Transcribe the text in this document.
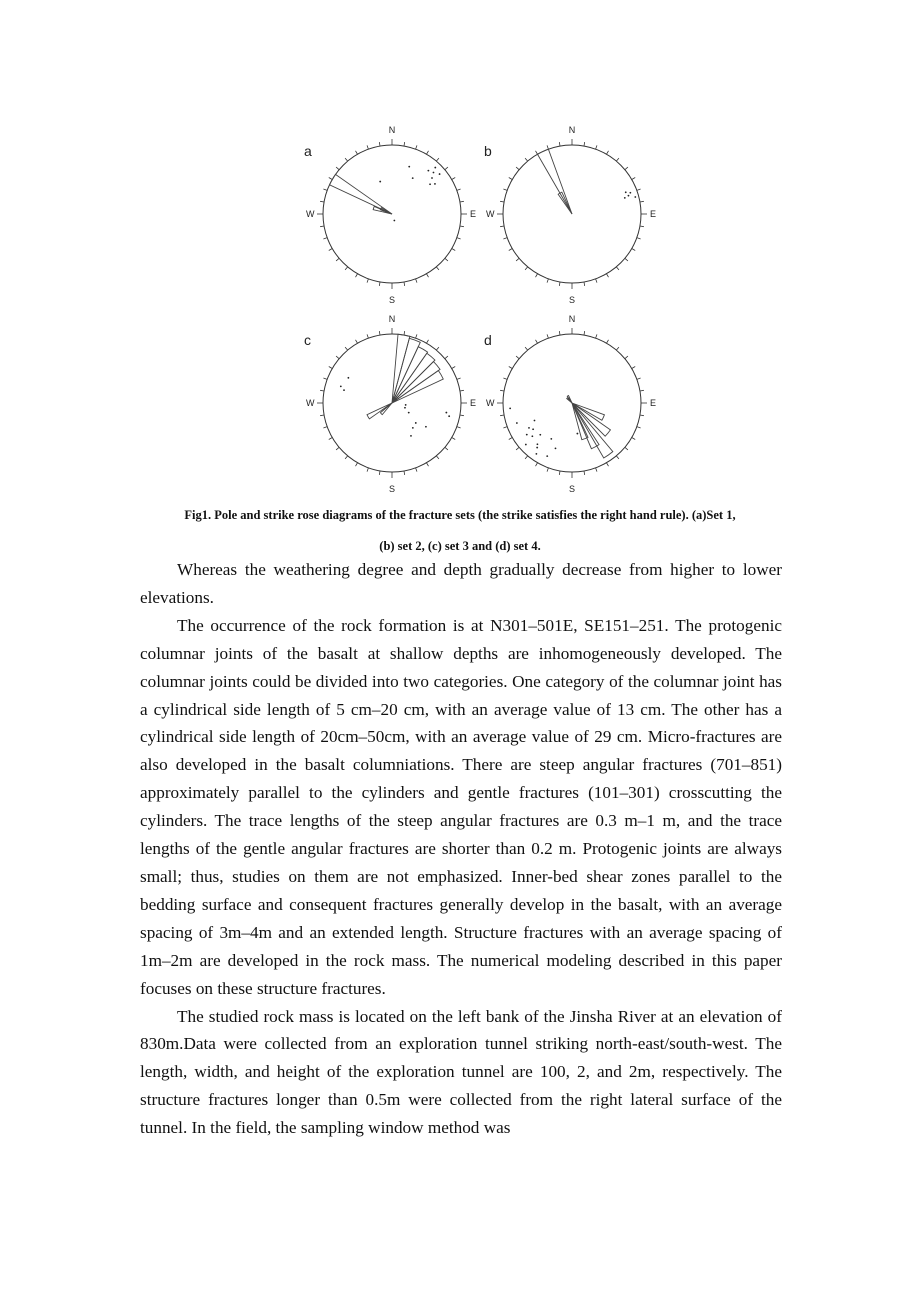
a
N
S
E
W
b
N
S
E
W
c
N
S
E
W
d
N
S
E
W
Fig1. Pole and strike rose diagrams of the fracture sets (the strike satisfies the right hand rule). (a)Set 1,
(b) set 2, (c) set 3 and (d) set 4.

Whereas the weathering degree and depth gradually decrease from higher to lower elevations.

The occurrence of the rock formation is at N301–501E, SE151–251. The protogenic columnar joints of the basalt at shallow depths are inhomogeneously developed. The columnar joints could be divided into two categories. One category of the columnar joint has a cylindrical side length of 5 cm–20 cm, with an average value of 13 cm. The other has a cylindrical side length of 20cm–50cm, with an average value of 29 cm. Micro-fractures are also developed in the basalt columniations. There are steep angular fractures (701–851) approximately parallel to the cylinders and gentle fractures (101–301) crosscutting the cylinders. The trace lengths of the steep angular fractures are 0.3 m–1 m, and the trace lengths of the gentle angular fractures are shorter than 0.2 m. Protogenic joints are always small; thus, studies on them are not emphasized. Inner-bed shear zones parallel to the bedding surface and consequent fractures generally develop in the basalt, with an average spacing of 3m–4m and an extended length. Structure fractures with an average spacing of 1m–2m are developed in the rock mass. The numerical modeling described in this paper focuses on these structure fractures.

The studied rock mass is located on the left bank of the Jinsha River at an elevation of 830m.Data were collected from an exploration tunnel striking north-east/south-west. The length, width, and height of the exploration tunnel are 100, 2, and 2m, respectively. The structure fractures longer than 0.5m were collected from the right lateral surface of the tunnel. In the field, the sampling window method was
